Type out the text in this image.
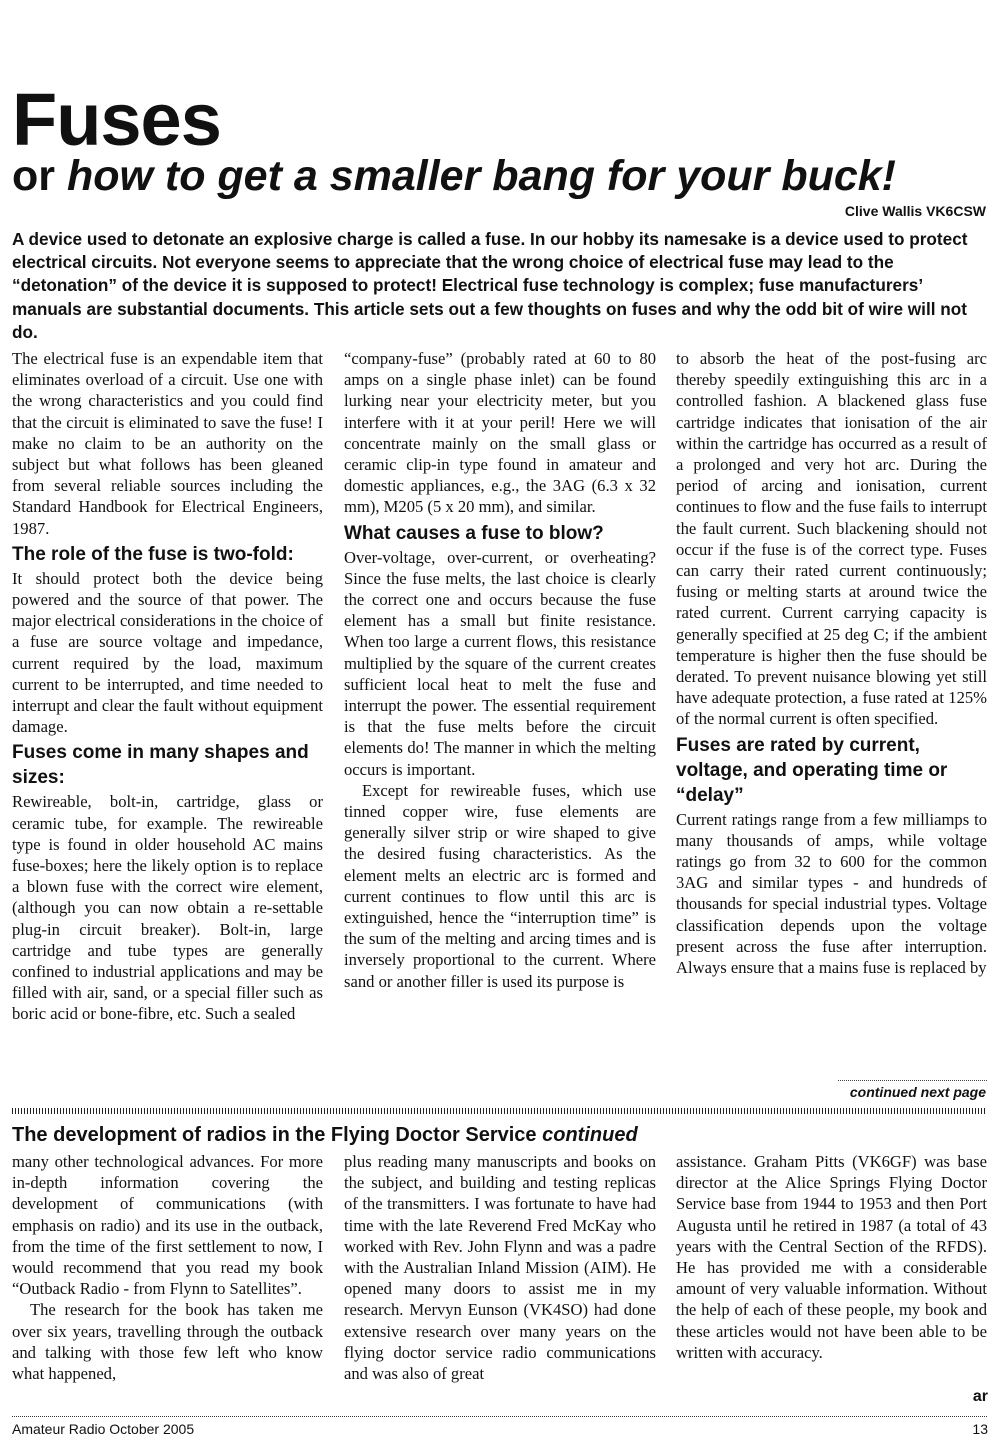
Fuses
or how to get a smaller bang for your buck!
Clive Wallis VK6CSW
A device used to detonate an explosive charge is called a fuse. In our hobby its namesake is a device used to protect electrical circuits. Not everyone seems to appreciate that the wrong choice of electrical fuse may lead to the “detonation” of the device it is supposed to protect! Electrical fuse technology is complex; fuse manufacturers’ manuals are substantial documents. This article sets out a few thoughts on fuses and why the odd bit of wire will not do.

The electrical fuse is an expendable item that eliminates overload of a circuit. Use one with the wrong characteristics and you could find that the circuit is eliminated to save the fuse! I make no claim to be an authority on the subject but what follows has been gleaned from several reliable sources including the Standard Handbook for Electrical Engineers, 1987.

The role of the fuse is two-fold:

It should protect both the device being powered and the source of that power. The major electrical considerations in the choice of a fuse are source voltage and impedance, current required by the load, maximum current to be interrupted, and time needed to interrupt and clear the fault without equipment damage.

Fuses come in many shapes and sizes:

Rewireable, bolt-in, cartridge, glass or ceramic tube, for example. The rewireable type is found in older household AC mains fuse-boxes; here the likely option is to replace a blown fuse with the correct wire element, (although you can now obtain a re-settable plug-in circuit breaker). Bolt-in, large cartridge and tube types are generally confined to industrial applications and may be filled with air, sand, or a special filler such as boric acid or bone-fibre, etc. Such a sealed

“company-fuse” (probably rated at 60 to 80 amps on a single phase inlet) can be found lurking near your electricity meter, but you interfere with it at your peril! Here we will concentrate mainly on the small glass or ceramic clip-in type found in amateur and domestic appliances, e.g., the 3AG (6.3 x 32 mm), M205 (5 x 20 mm), and similar.

What causes a fuse to blow?

Over-voltage, over-current, or overheating? Since the fuse melts, the last choice is clearly the correct one and occurs because the fuse element has a small but finite resistance. When too large a current flows, this resistance multiplied by the square of the current creates sufficient local heat to melt the fuse and interrupt the power. The essential requirement is that the fuse melts before the circuit elements do! The manner in which the melting occurs is important.

Except for rewireable fuses, which use tinned copper wire, fuse elements are generally silver strip or wire shaped to give the desired fusing characteristics. As the element melts an electric arc is formed and current continues to flow until this arc is extinguished, hence the “interruption time” is the sum of the melting and arcing times and is inversely proportional to the current. Where sand or another filler is used its purpose is

to absorb the heat of the post-fusing arc thereby speedily extinguishing this arc in a controlled fashion. A blackened glass fuse cartridge indicates that ionisation of the air within the cartridge has occurred as a result of a prolonged and very hot arc. During the period of arcing and ionisation, current continues to flow and the fuse fails to interrupt the fault current. Such blackening should not occur if the fuse is of the correct type. Fuses can carry their rated current continuously; fusing or melting starts at around twice the rated current. Current carrying capacity is generally specified at 25 deg C; if the ambient temperature is higher then the fuse should be derated. To prevent nuisance blowing yet still have adequate protection, a fuse rated at 125% of the normal current is often specified.

Fuses are rated by current, voltage, and operating time or “delay”

Current ratings range from a few milliamps to many thousands of amps, while voltage ratings go from 32 to 600 for the common 3AG and similar types - and hundreds of thousands for special industrial types. Voltage classification depends upon the voltage present across the fuse after interruption. Always ensure that a mains fuse is replaced by

continued next page
The development of radios in the Flying Doctor Service continued

many other technological advances. For more in-depth information covering the development of communications (with emphasis on radio) and its use in the outback, from the time of the first settlement to now, I would recommend that you read my book “Outback Radio - from Flynn to Satellites”.

The research for the book has taken me over six years, travelling through the outback and talking with those few left who know what happened,

plus reading many manuscripts and books on the subject, and building and testing replicas of the transmitters. I was fortunate to have had time with the late Reverend Fred McKay who worked with Rev. John Flynn and was a padre with the Australian Inland Mission (AIM). He opened many doors to assist me in my research. Mervyn Eunson (VK4SO) had done extensive research over many years on the flying doctor service radio communications and was also of great

assistance. Graham Pitts (VK6GF) was base director at the Alice Springs Flying Doctor Service base from 1944 to 1953 and then Port Augusta until he retired in 1987 (a total of 43 years with the Central Section of the RFDS). He has provided me with a considerable amount of very valuable information. Without the help of each of these people, my book and these articles would not have been able to be written with accuracy.

ar
Amateur Radio October 2005	13
